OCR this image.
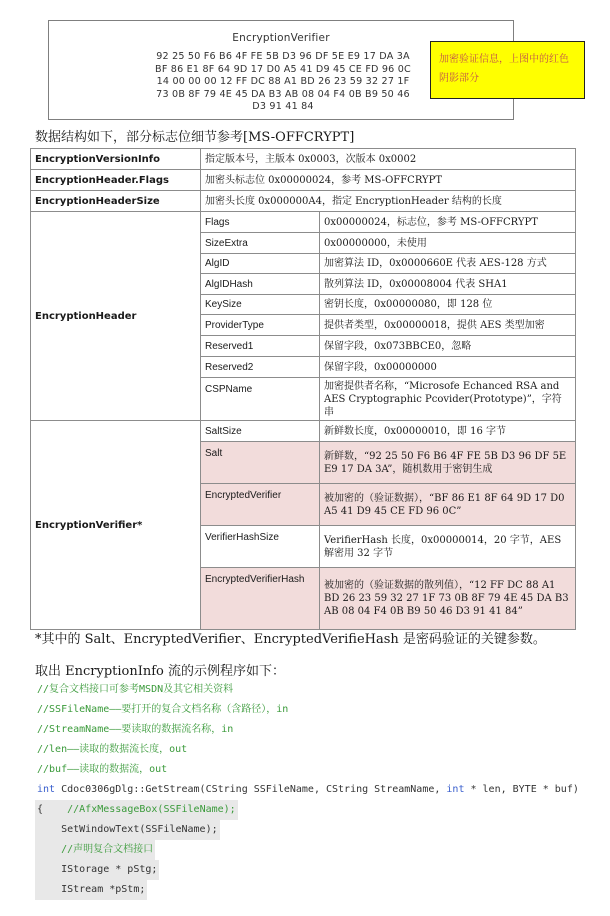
EncryptionVerifier
92 25 50 F6 B6 4F FE 5B D3 96 DF 5E E9 17 DA 3A
BF 86 E1 8F 64 9D 17 D0 A5 41 D9 45 CE FD 96 0C
14 00 00 00 12 FF DC 88 A1 BD 26 23 59 32 27 1F
73 0B 8F 79 4E 45 DA B3 AB 08 04 F4 0B B9 50 46
D3 91 41 84
加密验证信息，上图中的红色阴影部分
数据结构如下，部分标志位细节参考[MS-OFFCRYPT]
EncryptionVersionInfo	指定版本号，主版本 0x0003，次版本 0x0002	
EncryptionHeader.Flags	加密头标志位 0x00000024，参考 MS-OFFCRYPT	
EncryptionHeaderSize	加密头长度 0x000000A4，指定 EncryptionHeader 结构的长度	
EncryptionHeader	Flags	0x00000024，标志位，参考 MS-OFFCRYPT
	SizeExtra	0x00000000，未使用
	AlgID	加密算法 ID，0x0000660E 代表 AES-128 方式
	AlgIDHash	散列算法 ID，0x00008004 代表 SHA1
	KeySize	密钥长度，0x00000080，即 128 位
	ProviderType	提供者类型，0x00000018，提供 AES 类型加密
	Reserved1	保留字段，0x073BBCE0，忽略
	Reserved2	保留字段，0x00000000
	CSPName	加密提供者名称，“Microsofe Echanced RSA and AES Cryptographic Pcovider(Prototype)”，字符串
EncryptionVerifier*	SaltSize	新鲜数长度，0x00000010，即 16 字节
	Salt	新鲜数，“92 25 50 F6 B6 4F FE 5B D3 96 DF 5E E9 17 DA 3A”，随机数用于密钥生成
	EncryptedVerifier	被加密的（验证数据），“BF 86 E1 8F 64 9D 17 D0 A5 41 D9 45 CE FD 96 0C”
	VerifierHashSize	VerifierHash 长度，0x00000014，20 字节，AES 解密用 32 字节
	EncryptedVerifierHash	被加密的（验证数据的散列值），“12 FF DC 88 A1 BD 26 23 59 32 27 1F 73 0B 8F 79 4E 45 DA B3 AB 08 04 F4 0B B9 50 46 D3 91 41 84”
*其中的 Salt、EncryptedVerifier、EncryptedVerifieHash 是密码验证的关键参数。
取出 EncryptionInfo 流的示例程序如下：
//复合文档接口可参考MSDN及其它相关资料
//SSFileName——要打开的复合文档名称（含路径），in
//StreamName——要读取的数据流名称，in
//len——读取的数据流长度，out
//buf——读取的数据流，out
int Cdoc0306gDlg::GetStream(CString SSFileName, CString StreamName, int * len, BYTE * buf)
{    //AfxMessageBox(SSFileName);
SetWindowText(SSFileName);
//声明复合文档接口
IStorage * pStg;
IStream *pStm;
